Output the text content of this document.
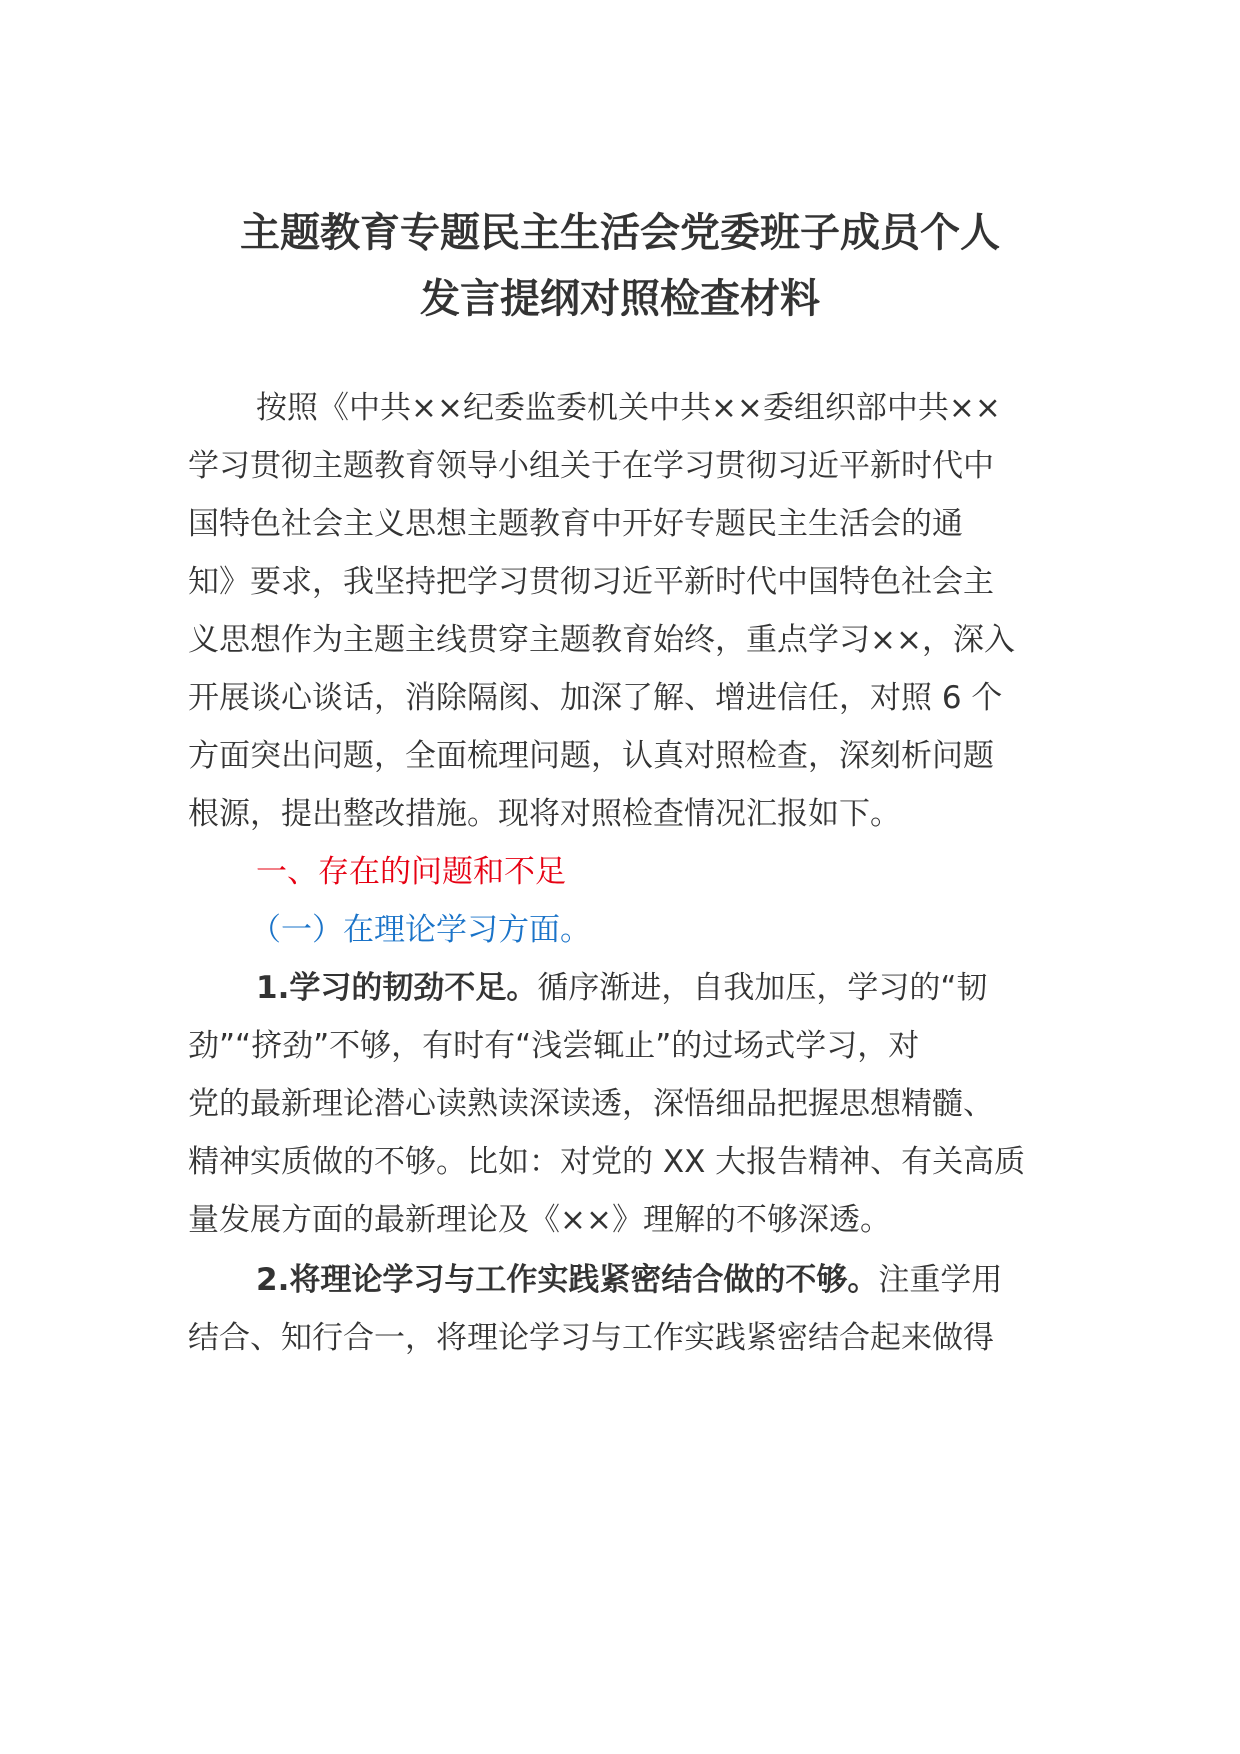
主题教育专题民主生活会党委班子成员个人
发言提纲对照检查材料
按照《中共××纪委监委机关中共××委组织部中共××
学习贯彻主题教育领导小组关于在学习贯彻习近平新时代中
国特色社会主义思想主题教育中开好专题民主生活会的通
知》要求，我坚持把学习贯彻习近平新时代中国特色社会主
义思想作为主题主线贯穿主题教育始终，重点学习××，深入
开展谈心谈话，消除隔阂、加深了解、增进信任，对照 6 个
方面突出问题，全面梳理问题，认真对照检查，深刻析问题
根源，提出整改措施。现将对照检查情况汇报如下。
一、存在的问题和不足
（一）在理论学习方面。
1.学习的韧劲不足。循序渐进，自我加压，学习的“韧
劲”“挤劲”不够，有时有“浅尝辄止”的过场式学习，对
党的最新理论潜心读熟读深读透，深悟细品把握思想精髓、
精神实质做的不够。比如：对党的 XX 大报告精神、有关高质
量发展方面的最新理论及《××》理解的不够深透。
2.将理论学习与工作实践紧密结合做的不够。注重学用
结合、知行合一，将理论学习与工作实践紧密结合起来做得
